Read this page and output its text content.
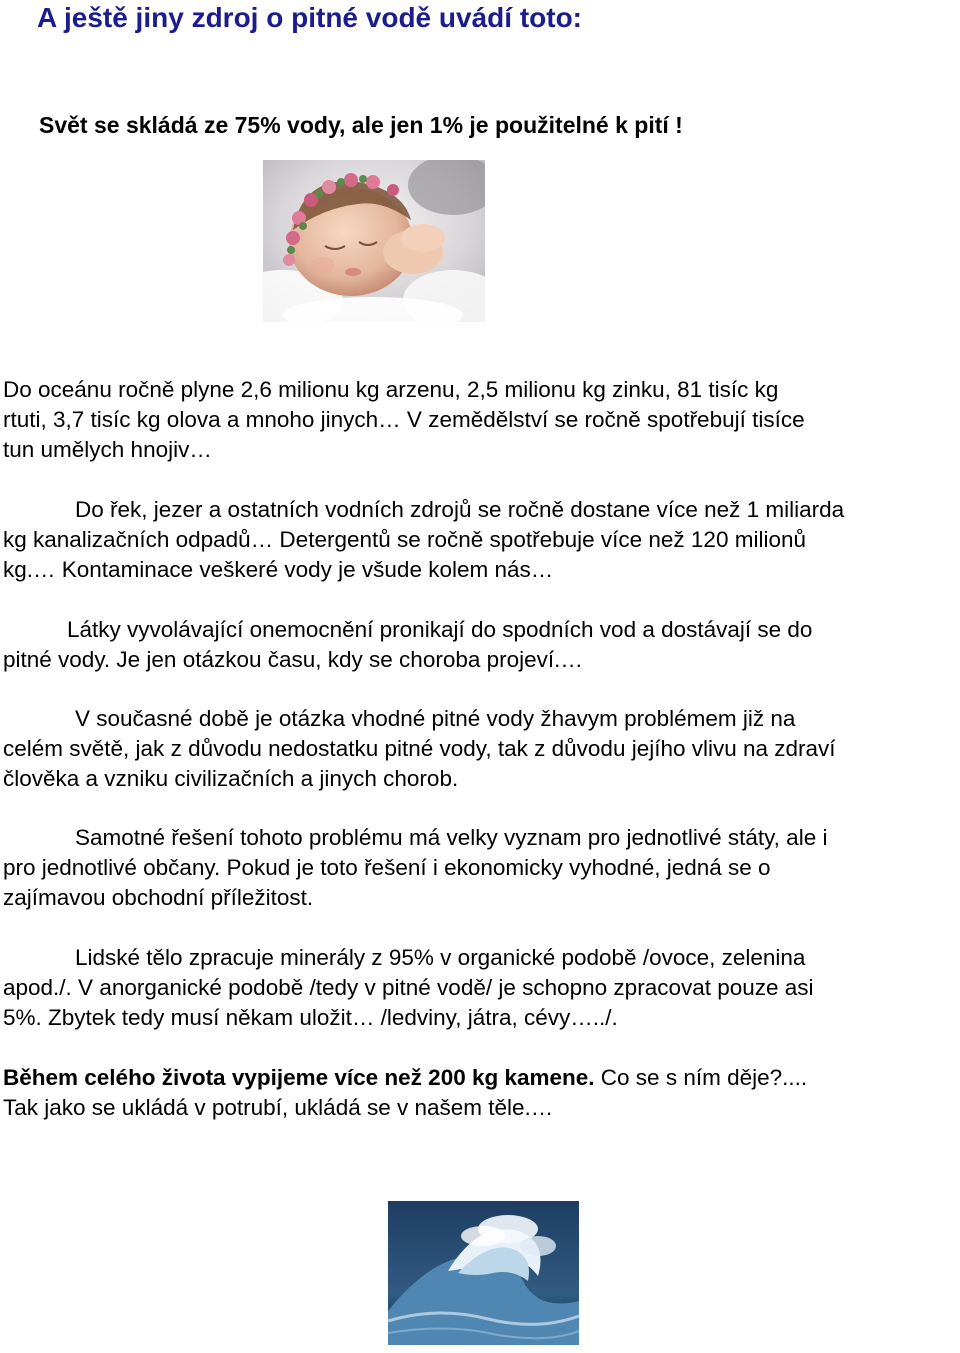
A ještě jiny zdroj o pitné vodě uvádí toto:
Svět se skládá ze 75% vody, ale jen 1% je použitelné k pití !
Do oceánu ročně plyne 2,6 milionu kg arzenu, 2,5 milionu kg zinku, 81 tisíc kg
rtuti, 3,7 tisíc kg olova a mnoho jinych… V zemědělství se ročně spotřebují tisíce
tun umělych hnojiv…
Do řek, jezer a ostatních vodních zdrojů se ročně dostane více než 1 miliarda
kg kanalizačních odpadů… Detergentů se ročně spotřebuje více než 120 milionů
kg.… Kontaminace veškeré vody je všude kolem nás…
Látky vyvolávající onemocnění pronikají do spodních vod a dostávají se do
pitné vody. Je jen otázkou času, kdy se choroba projeví.…
V současné době je otázka vhodné pitné vody žhavym problémem již na
celém světě, jak z důvodu nedostatku pitné vody, tak z důvodu jejího vlivu na zdraví
člověka a vzniku civilizačních a jinych chorob.
Samotné řešení tohoto problému má velky vyznam pro jednotlivé státy, ale i
pro jednotlivé občany. Pokud je toto řešení i ekonomicky vyhodné, jedná se o
zajímavou obchodní příležitost.
Lidské tělo zpracuje minerály z 95% v organické podobě /ovoce, zelenina
apod./. V anorganické podobě /tedy v pitné vodě/ je schopno zpracovat pouze asi
5%. Zbytek tedy musí někam uložit… /ledviny, játra, cévy…../.
Během celého života vypijeme více než 200 kg kamene. Co se s ním děje?....
Tak jako se ukládá v potrubí, ukládá se v našem těle.…
